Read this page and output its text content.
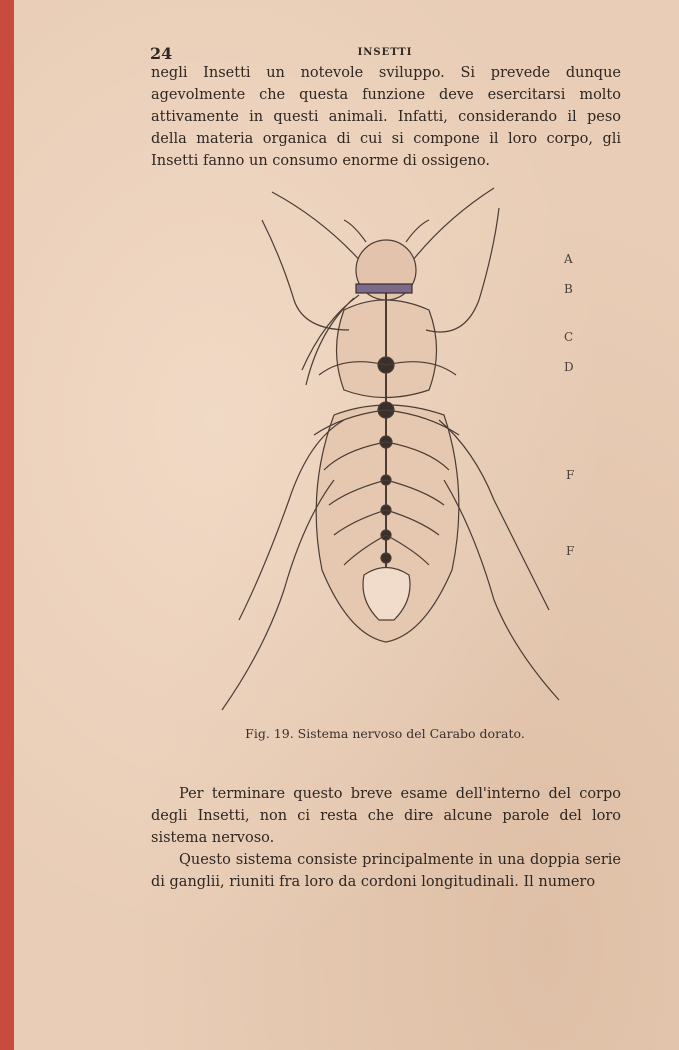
24	INSETTI

negli Insetti un notevole sviluppo. Si prevede dunque agevolmente che questa funzione deve esercitarsi molto attivamente in questi animali. Infatti, considerando il peso della materia organica di cui si compone il loro corpo, gli Insetti fanno un consumo enorme di ossigeno.

A
B
C
D
F
F
Fig. 19. Sistema nervoso del Carabo dorato.

Per terminare questo breve esame dell'interno del corpo degli Insetti, non ci resta che dire alcune parole del loro sistema nervoso.

Questo sistema consiste principalmente in una doppia serie di ganglii, riuniti fra loro da cordoni longitudinali. Il numero
